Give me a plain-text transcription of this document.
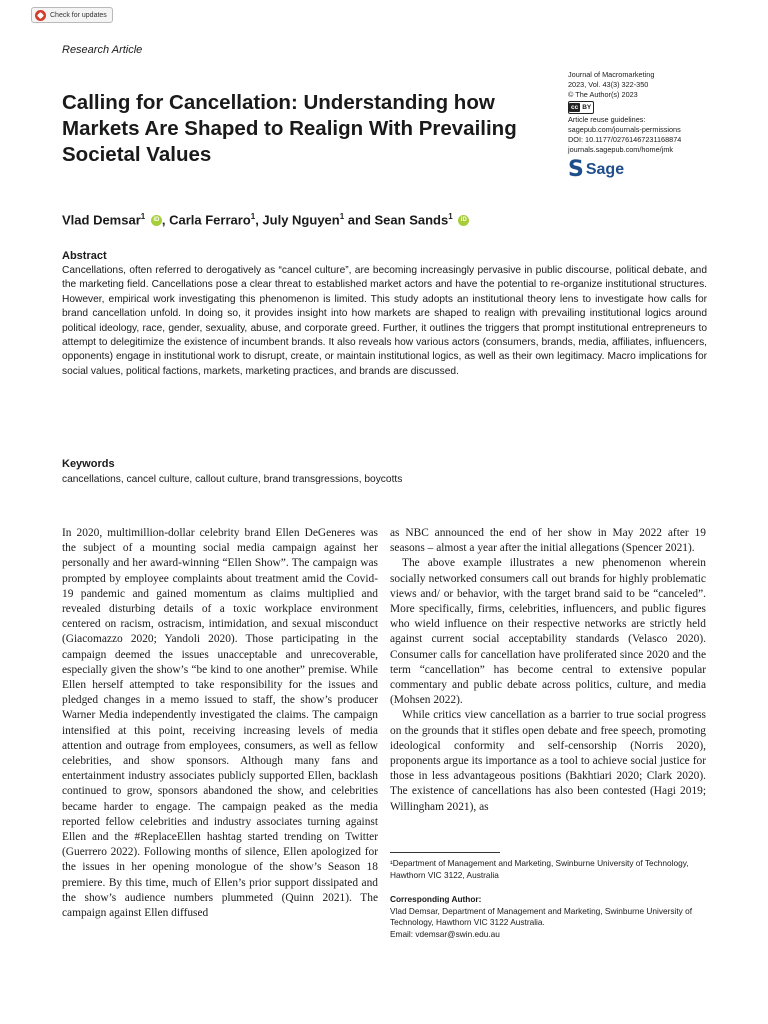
Check for updates
Research Article
Calling for Cancellation: Understanding how Markets Are Shaped to Realign With Prevailing Societal Values
Journal of Macromarketing
2023, Vol. 43(3) 322-350
© The Author(s) 2023
cc BY
Article reuse guidelines:
sagepub.com/journals-permissions
DOI: 10.1177/02761467231168874
journals.sagepub.com/home/jmk
S Sage
Vlad Demsar$^1$ iD , Carla Ferraro$^1$, July Nguyen$^1$ and Sean Sands$^1$ iD
Abstract

Cancellations, often referred to derogatively as “cancel culture”, are becoming increasingly pervasive in public discourse, political debate, and the marketing field. Cancellations pose a clear threat to established market actors and have the potential to re-organize institutional structures. However, empirical work investigating this phenomenon is limited. This study adopts an institutional theory lens to investigate how calls for brand cancellation unfold. In doing so, it provides insight into how markets are shaped to realign with prevailing institutional logics around political ideology, race, gender, sexuality, abuse, and corporate greed. Further, it outlines the triggers that prompt institutional entrepreneurs to attempt to delegitimize the existence of incumbent brands. It also reveals how various actors (consumers, brands, media, affiliates, influencers, opponents) engage in institutional work to disrupt, create, or maintain institutional logics, as well as their own legitimacy. Macro implications for social values, political factions, markets, marketing practices, and brands are discussed.

Keywords
cancellations, cancel culture, callout culture, brand transgressions, boycotts

In 2020, multimillion-dollar celebrity brand Ellen DeGeneres was the subject of a mounting social media campaign against her personally and her award-winning “Ellen Show”. The campaign was prompted by employee complaints about treatment amid the Covid-19 pandemic and gained momentum as claims multiplied and revealed disturbing details of a toxic workplace environment centered on racism, ostracism, intimidation, and sexual misconduct (Giacomazzo 2020; Yandoli 2020). Those participating in the campaign deemed the issues unacceptable and unrecoverable, especially given the show’s “be kind to one another” premise. While Ellen herself attempted to take responsibility for the issues and pledged changes in a memo issued to staff, the show’s producer Warner Media independently investigated the claims. The campaign intensified at this point, receiving increasing levels of media attention and outrage from employees, consumers, as well as fellow celebrities, and show sponsors. Although many fans and entertainment industry associates publicly supported Ellen, backlash continued to grow, sponsors abandoned the show, and celebrities became harder to engage. The campaign peaked as the media reported fellow celebrities and industry associates turning against Ellen and the #ReplaceEllen hashtag started trending on Twitter (Guerrero 2022). Following months of silence, Ellen apologized for the issues in her opening monologue of the show’s Season 18 premiere. By this time, much of Ellen’s prior support dissipated and the show’s audience numbers plummeted (Quinn 2021). The campaign against Ellen diffused

as NBC announced the end of her show in May 2022 after 19 seasons – almost a year after the initial allegations (Spencer 2021).

The above example illustrates a new phenomenon wherein socially networked consumers call out brands for highly problematic views and/ or behavior, with the target brand said to be “canceled”. More specifically, firms, celebrities, influencers, and public figures who wield influence on their respective networks are strictly held against current social acceptability standards (Velasco 2020). Consumer calls for cancellation have proliferated since 2020 and the term “cancellation” has become central to extensive popular commentary and public debate across politics, culture, and media (Mohsen 2022).

While critics view cancellation as a barrier to true social progress on the grounds that it stifles open debate and free speech, promoting ideological conformity and self-censorship (Norris 2020), proponents argue its importance as a tool to achieve social justice for those in less advantageous positions (Bakhtiari 2020; Clark 2020). The existence of cancellations has also been contested (Hagi 2019; Willingham 2021), as

¹Department of Management and Marketing, Swinburne University of Technology, Hawthorn VIC 3122, Australia

Corresponding Author:

Vlad Demsar, Department of Management and Marketing, Swinburne University of Technology, Hawthorn VIC 3122 Australia.

Email: vdemsar@swin.edu.au
